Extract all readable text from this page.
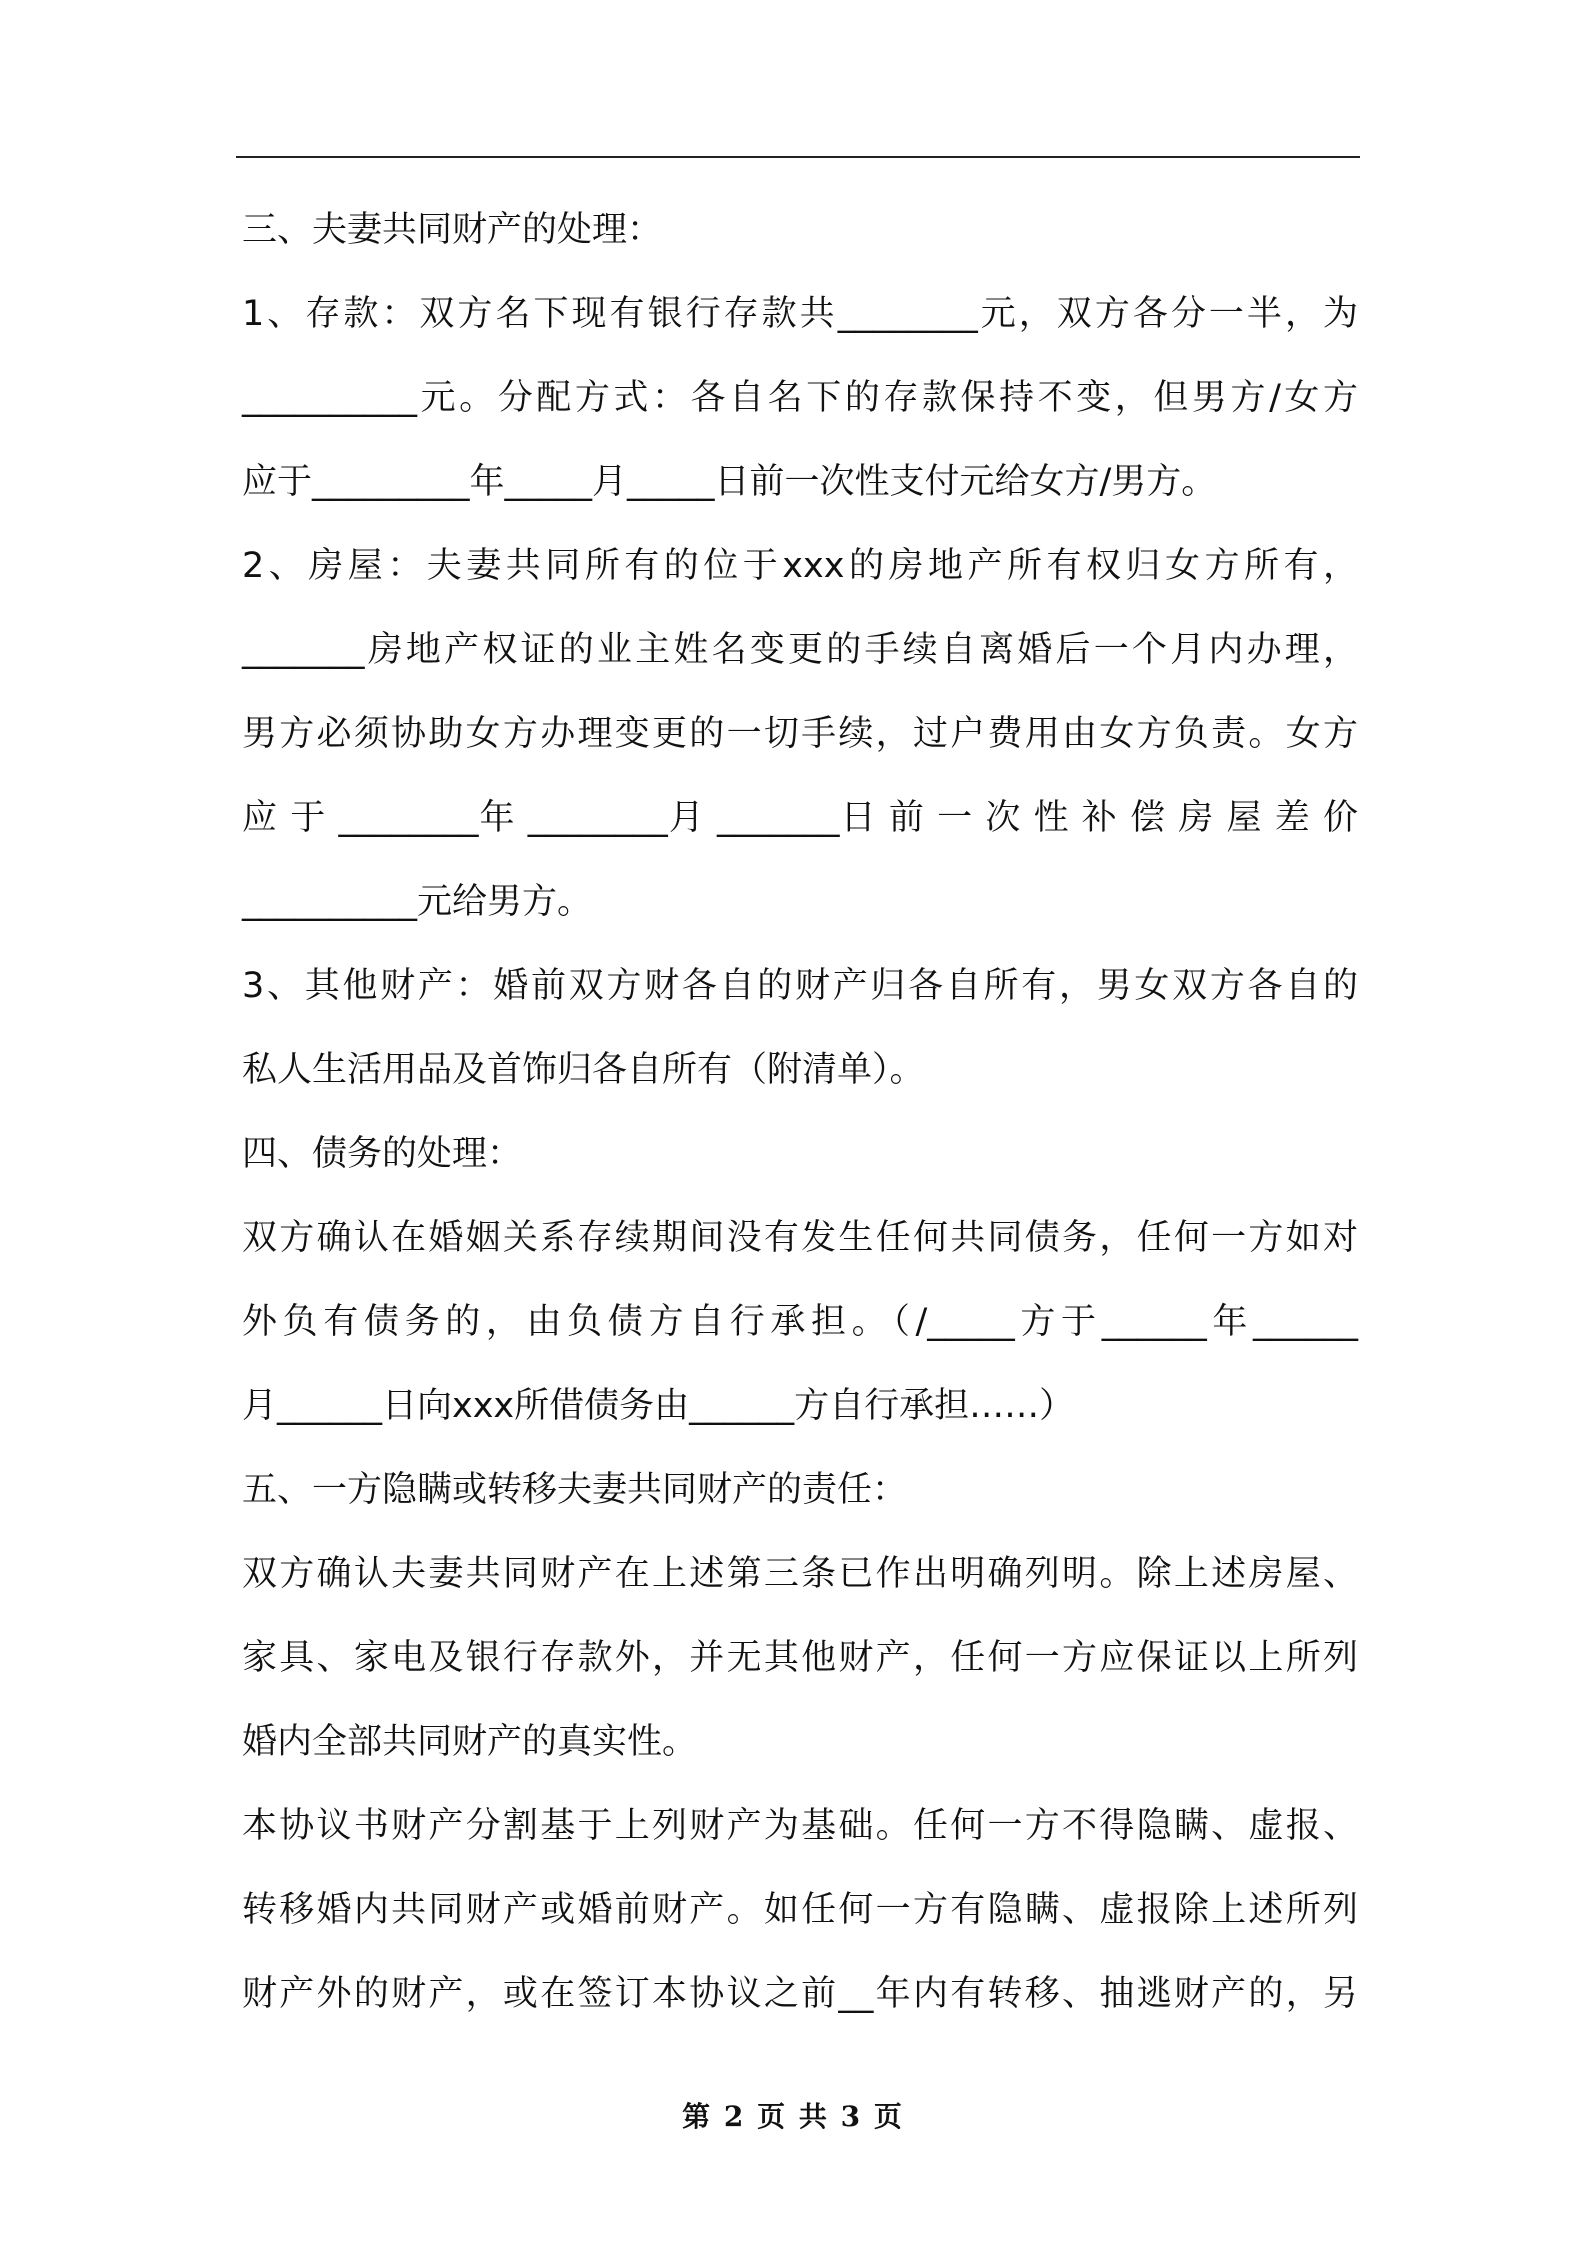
三、夫妻共同财产的处理：
1、存款：双方名下现有银行存款共________元，双方各分一半，为
__________元。分配方式：各自名下的存款保持不变，但男方/女方
应于_________年_____月_____日前一次性支付元给女方/男方。
2、房屋：夫妻共同所有的位于xxx的房地产所有权归女方所有，
_______房地产权证的业主姓名变更的手续自离婚后一个月内办理，
男方必须协助女方办理变更的一切手续，过户费用由女方负责。女方
应 于 ________年 ________月 _______日 前 一 次 性 补 偿 房 屋 差 价
__________元给男方。
3、其他财产：婚前双方财各自的财产归各自所有，男女双方各自的
私人生活用品及首饰归各自所有（附清单）。
四、债务的处理：
双方确认在婚姻关系存续期间没有发生任何共同债务，任何一方如对
外负有债务的，由负债方自行承担。（/_____方于______年______
月______日向xxx所借债务由______方自行承担……）
五、一方隐瞒或转移夫妻共同财产的责任：
双方确认夫妻共同财产在上述第三条已作出明确列明。除上述房屋、
家具、家电及银行存款外，并无其他财产，任何一方应保证以上所列
婚内全部共同财产的真实性。
本协议书财产分割基于上列财产为基础。任何一方不得隐瞒、虚报、
转移婚内共同财产或婚前财产。如任何一方有隐瞒、虚报除上述所列
财产外的财产，或在签订本协议之前__年内有转移、抽逃财产的，另
第 2 页 共 3 页
